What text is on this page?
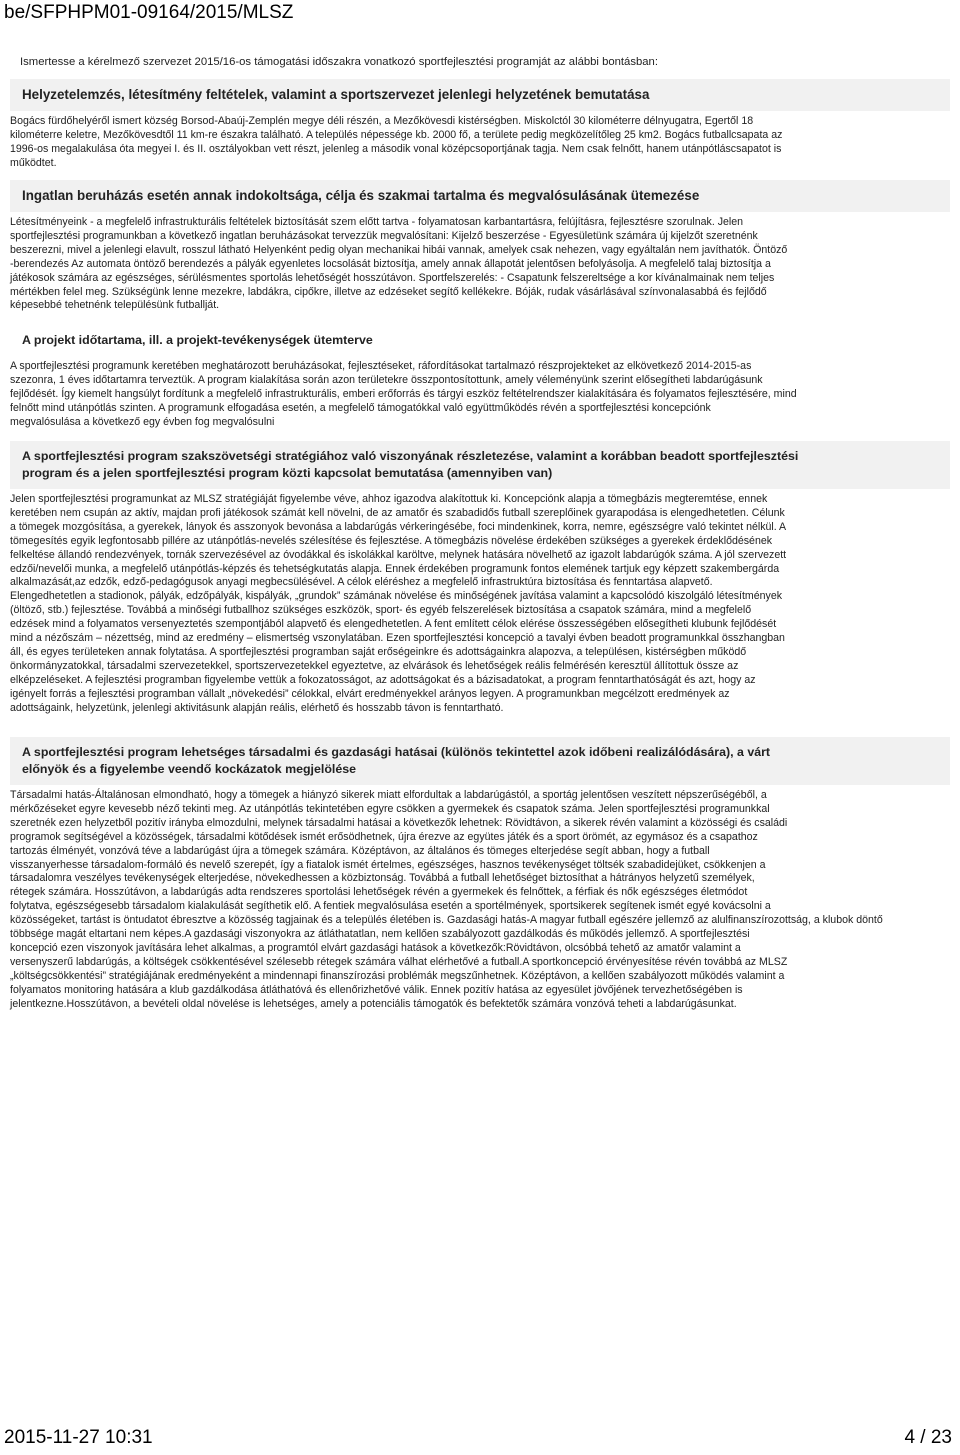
be/SFPHPM01-09164/2015/MLSZ
Ismertesse a kérelmező szervezet 2015/16-os támogatási időszakra vonatkozó sportfejlesztési programját az alábbi bontásban:
Helyzetelemzés, létesítmény feltételek, valamint a sportszervezet jelenlegi helyzetének bemutatása

Bogács fürdőhelyéről ismert község Borsod-Abaúj-Zemplén megye déli részén, a Mezőkövesdi kistérségben. Miskolctól 30 kilométerre délnyugatra, Egertől 18
kilométerre keletre, Mezőkövesdtől 11 km-re északra található. A település népessége kb. 2000 fő, a területe pedig megközelítőleg 25 km2. Bogács futballcsapata az
1996-os megalakulása óta megyei I. és II. osztályokban vett részt, jelenleg a második vonal középcsoportjának tagja. Nem csak felnőtt, hanem utánpótláscsapatot is
működtet.

Ingatlan beruházás esetén annak indokoltsága, célja és szakmai tartalma és megvalósulásának ütemezése

Létesítményeink - a megfelelő infrastrukturális feltételek biztosítását szem előtt tartva - folyamatosan karbantartásra, felújításra, fejlesztésre szorulnak. Jelen
sportfejlesztési programunkban a következő ingatlan beruházásokat tervezzük megvalósítani: Kijelző beszerzése - Egyesületünk számára új kijelzőt szeretnénk
beszerezni, mivel a jelenlegi elavult, rosszul látható Helyenként pedig olyan mechanikai hibái vannak, amelyek csak nehezen, vagy egyáltalán nem javíthatók. Öntöző
-berendezés Az automata öntöző berendezés a pályák egyenletes locsolását biztosítja, amely annak állapotát jelentősen befolyásolja. A megfelelő talaj biztosítja a
játékosok számára az egészséges, sérülésmentes sportolás lehetőségét hosszútávon. Sportfelszerelés: - Csapatunk felszereltsége a kor kívánalmainak nem teljes
mértékben felel meg. Szükségünk lenne mezekre, labdákra, cipőkre, illetve az edzéseket segítő kellékekre. Bóják, rudak vásárlásával színvonalasabbá és fejlődő
képesebbé tehetnénk településünk futballját.

A projekt időtartama, ill. a projekt-tevékenységek ütemterve

A sportfejlesztési programunk keretében meghatározott beruházásokat, fejlesztéseket, ráfordításokat tartalmazó részprojekteket az elkövetkező 2014-2015-as
szezonra, 1 éves időtartamra terveztük. A program kialakítása során azon területekre összpontosítottunk, amely véleményünk szerint elősegítheti labdarúgásunk
fejlődését. Így kiemelt hangsúlyt fordítunk a megfelelő infrastrukturális, emberi erőforrás és tárgyi eszköz feltételrendszer kialakítására és folyamatos fejlesztésére, mind
felnőtt mind utánpótlás szinten. A programunk elfogadása esetén, a megfelelő támogatókkal való együttműködés révén a sportfejlesztési koncepciónk
megvalósulása a következő egy évben fog megvalósulni

A sportfejlesztési program szakszövetségi stratégiához való viszonyának részletezése, valamint a korábban beadott sportfejlesztési
program és a jelen sportfejlesztési program közti kapcsolat bemutatása (amennyiben van)

Jelen sportfejlesztési programunkat az MLSZ stratégiáját figyelembe véve, ahhoz igazodva alakítottuk ki. Koncepciónk alapja a tömegbázis megteremtése, ennek
keretében nem csupán az aktív, majdan profi játékosok számát kell növelni, de az amatőr és szabadidős futball szereplőinek gyarapodása is elengedhetetlen. Célunk
a tömegek mozgósítása, a gyerekek, lányok és asszonyok bevonása a labdarúgás vérkeringésébe, foci mindenkinek, korra, nemre, egészségre való tekintet nélkül. A
tömegesítés egyik legfontosabb pillére az utánpótlás-nevelés szélesítése és fejlesztése. A tömegbázis növelése érdekében szükséges a gyerekek érdeklődésének
felkeltése állandó rendezvények, tornák szervezésével az óvodákkal és iskolákkal karöltve, melynek hatására növelhető az igazolt labdarúgók száma. A jól szervezett
edzői/nevelői munka, a megfelelő utánpótlás-képzés és tehetségkutatás alapja. Ennek érdekében programunk fontos elemének tartjuk egy képzett szakembergárda
alkalmazását,az edzők, edző-pedagógusok anyagi megbecsülésével. A célok eléréshez a megfelelő infrastruktúra biztosítása és fenntartása alapvető.
Elengedhetetlen a stadionok, pályák, edzőpályák, kispályák, „grundok” számának növelése és minőségének javítása valamint a kapcsolódó kiszolgáló létesítmények
(öltöző, stb.) fejlesztése. Továbbá a minőségi futballhoz szükséges eszközök, sport- és egyéb felszerelések biztosítása a csapatok számára, mind a megfelelő
edzések mind a folyamatos versenyeztetés szempontjából alapvető és elengedhetetlen. A fent említett célok elérése összességében elősegítheti klubunk fejlődését
mind a nézőszám – nézettség, mind az eredmény – elismertség vszonylatában. Ezen sportfejlesztési koncepció a tavalyi évben beadott programunkkal összhangban
áll, és egyes területeken annak folytatása. A sportfejlesztési programban saját erőségeinkre és adottságainkra alapozva, a településen, kistérségben működő
önkormányzatokkal, társadalmi szervezetekkel, sportszervezetekkel egyeztetve, az elvárások és lehetőségek reális felmérésén keresztül állítottuk össze az
elképzeléseket. A fejlesztési programban figyelembe vettük a fokozatosságot, az adottságokat és a bázisadatokat, a program fenntarthatóságát és azt, hogy az
igényelt forrás a fejlesztési programban vállalt „növekedési” célokkal, elvárt eredményekkel arányos legyen. A programunkban megcélzott eredmények az
adottságaink, helyzetünk, jelenlegi aktivitásunk alapján reális, elérhető és hosszabb távon is fenntartható.

A sportfejlesztési program lehetséges társadalmi és gazdasági hatásai (különös tekintettel azok időbeni realizálódására), a várt
előnyök és a figyelembe veendő kockázatok megjelölése

Társadalmi hatás-Általánosan elmondható, hogy a tömegek a hiányzó sikerek miatt elfordultak a labdarúgástól, a sportág jelentősen veszített népszerűségéből, a
mérkőzéseket egyre kevesebb néző tekinti meg. Az utánpótlás tekintetében egyre csökken a gyermekek és csapatok száma. Jelen sportfejlesztési programunkkal
szeretnék ezen helyzetből pozitív irányba elmozdulni, melynek társadalmi hatásai a következők lehetnek: Rövidtávon, a sikerek révén valamint a közösségi és családi
programok segítségével a közösségek, társadalmi kötődések ismét erősödhetnek, újra érezve az együtes játék és a sport örömét, az egymásoz és a csapathoz
tartozás élményét, vonzóvá téve a labdarúgást újra a tömegek számára. Középtávon, az általános és tömeges elterjedése segít abban, hogy a futball
visszanyerhesse társadalom-formáló és nevelő szerepét, így a fiatalok ismét értelmes, egészséges, hasznos tevékenységet töltsék szabadidejüket, csökkenjen a
társadalomra veszélyes tevékenységek elterjedése, növekedhessen a közbiztonság. Továbbá a futball lehetőséget biztosíthat a hátrányos helyzetű személyek,
rétegek számára. Hosszútávon, a labdarúgás adta rendszeres sportolási lehetőségek révén a gyermekek és felnőttek, a férfiak és nők egészséges életmódot
folytatva, egészségesebb társadalom kialakulását segíthetik elő. A fentiek megvalósulása esetén a sportélmények, sportsikerek segítenek ismét egyé kovácsolni a
közösségeket, tartást is öntudatot ébresztve a közösség tagjainak és a település életében is. Gazdasági hatás-A magyar futball egészére jellemző az alulfinanszírozottság, a klubok döntő
többsége magát eltartani nem képes.A gazdasági viszonyokra az átláthatatlan, nem kellően szabályozott gazdálkodás és működés jellemző. A sportfejlesztési
koncepció ezen viszonyok javítására lehet alkalmas, a programtól elvárt gazdasági hatások a következők:Rövidtávon, olcsóbbá tehető az amatőr valamint a
versenyszerű labdarúgás, a költségek csökkentésével szélesebb rétegek számára válhat elérhetővé a futball.A sportkoncepció érvényesítése révén továbbá az MLSZ
„költségcsökkentési” stratégiájának eredményeként a mindennapi finanszírozási problémák megszűnhetnek. Középtávon, a kellően szabályozott működés valamint a
folyamatos monitoring hatására a klub gazdálkodása átláthatóvá és ellenőrizhetővé válik. Ennek pozitív hatása az egyesület jövőjének tervezhetőségében is
jelentkezne.Hosszútávon, a bevételi oldal növelése is lehetséges, amely a potenciális támogatók és befektetők számára vonzóvá teheti a labdarúgásunkat.

2015-11-27 10:31	4 / 23
